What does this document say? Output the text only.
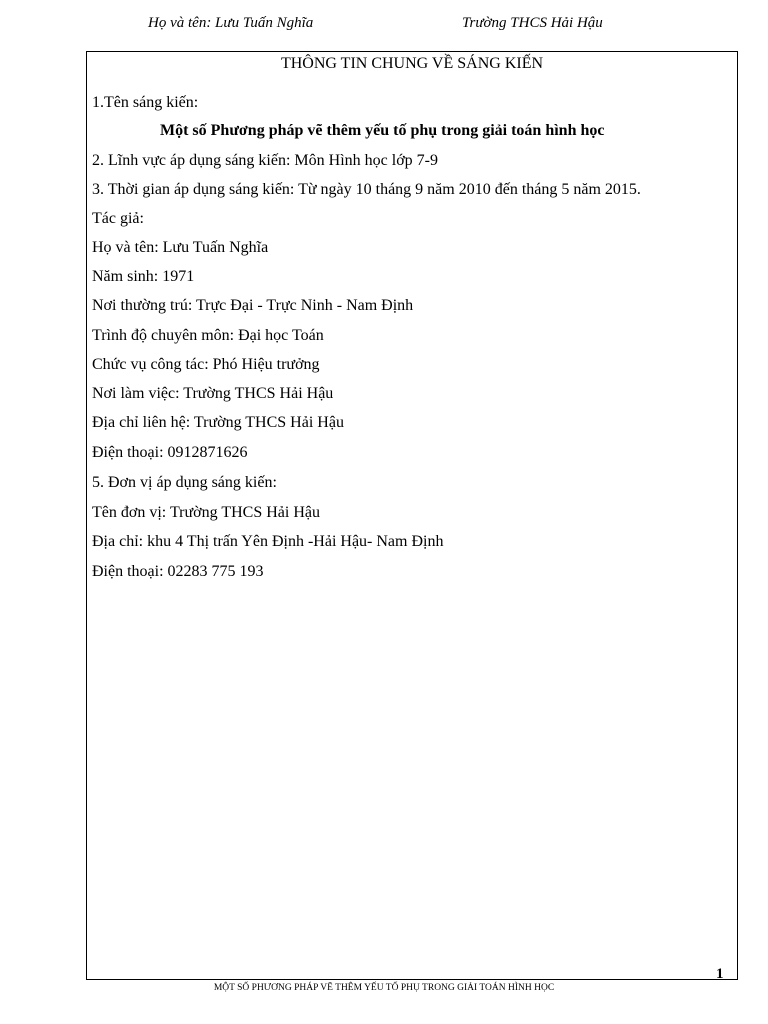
Họ và tên: Lưu Tuấn Nghĩa	Trường THCS Hải Hậu
THÔNG TIN CHUNG VỀ SÁNG KIẾN
1.Tên sáng kiến:
Một số Phương pháp vẽ thêm yếu tố phụ trong giải toán hình học
2. Lĩnh vực áp dụng sáng kiến: Môn Hình học lớp 7-9
3. Thời gian áp dụng sáng kiến: Từ ngày 10 tháng 9 năm 2010 đến tháng 5 năm 2015.
Tác giả:
Họ và tên: Lưu Tuấn Nghĩa
Năm sinh: 1971
Nơi thường trú: Trực Đại - Trực Ninh - Nam Định
Trình độ chuyên môn: Đại học Toán
Chức vụ công tác: Phó Hiệu trưởng
Nơi làm việc: Trường THCS Hải Hậu
Địa chỉ liên hệ: Trường THCS Hải Hậu
Điện thoại: 0912871626
5. Đơn vị áp dụng sáng kiến:
Tên đơn vị: Trường THCS Hải Hậu
Địa chỉ: khu 4 Thị trấn Yên Định -Hải Hậu- Nam Định
Điện thoại: 02283 775 193
1
MỘT SỐ PHƯƠNG PHÁP VẼ THÊM YẾU TỐ PHỤ TRONG GIẢI TOÁN HÌNH HỌC
